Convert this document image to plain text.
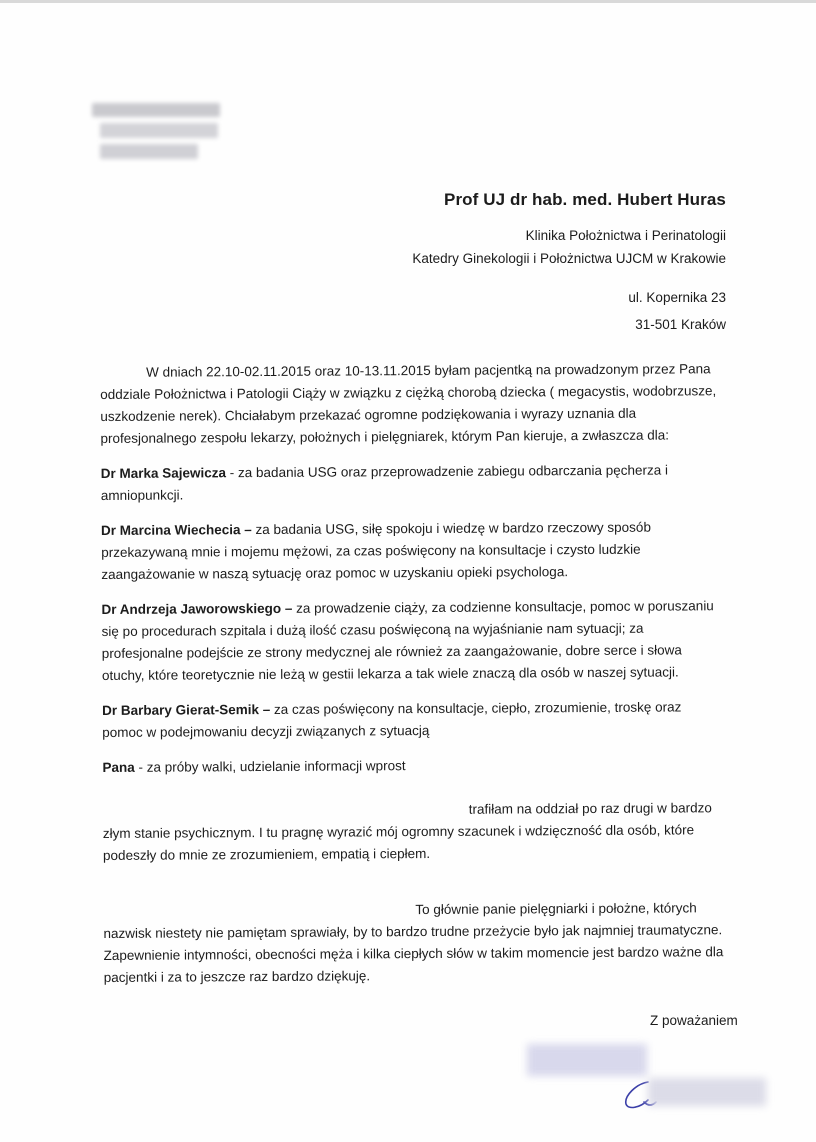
Prof UJ dr hab. med. Hubert Huras
Klinika Położnictwa i Perinatologii
Katedry Ginekologii i Położnictwa UJCM w Krakowie
ul. Kopernika 23
31-501 Kraków

W dniach 22.10-02.11.2015 oraz 10-13.11.2015 byłam pacjentką na prowadzonym przez Pana oddziale Położnictwa i Patologii Ciąży w związku z ciężką chorobą dziecka ( megacystis, wodobrzusze, uszkodzenie nerek). Chciałabym przekazać ogromne podziękowania i wyrazy uznania dla profesjonalnego zespołu lekarzy, położnych i pielęgniarek, którym Pan kieruje, a zwłaszcza dla:

Dr Marka Sajewicza - za badania USG oraz przeprowadzenie zabiegu odbarczania pęcherza i amniopunkcji.

Dr Marcina Wiechecia – za badania USG, siłę spokoju i wiedzę w bardzo rzeczowy sposób przekazywaną mnie i mojemu mężowi, za czas poświęcony na konsultacje i czysto ludzkie zaangażowanie w naszą sytuację oraz pomoc w uzyskaniu opieki psychologa.

Dr Andrzeja Jaworowskiego – za prowadzenie ciąży, za codzienne konsultacje, pomoc w poruszaniu się po procedurach szpitala i dużą ilość czasu poświęconą na wyjaśnianie nam sytuacji; za profesjonalne podejście ze strony medycznej ale również za zaangażowanie, dobre serce i słowa otuchy, które teoretycznie nie leżą w gestii lekarza a tak wiele znaczą dla osób w naszej sytuacji.

Dr Barbary Gierat-Semik – za czas poświęcony na konsultacje, ciepło, zrozumienie, troskę oraz pomoc w podejmowaniu decyzji związanych z sytuacją

Pana - za próby walki, udzielanie informacji wprost

trafiłam na oddział po raz drugi w bardzo złym stanie psychicznym. I tu pragnę wyrazić mój ogromny szacunek i wdzięczność dla osób, które podeszły do mnie ze zrozumieniem, empatią i ciepłem.

To głównie panie pielęgniarki i położne, których nazwisk niestety nie pamiętam sprawiały, by to bardzo trudne przeżycie było jak najmniej traumatyczne. Zapewnienie intymności, obecności męża i kilka ciepłych słów w takim momencie jest bardzo ważne dla pacjentki i za to jeszcze raz bardzo dziękuję.

Z poważaniem
